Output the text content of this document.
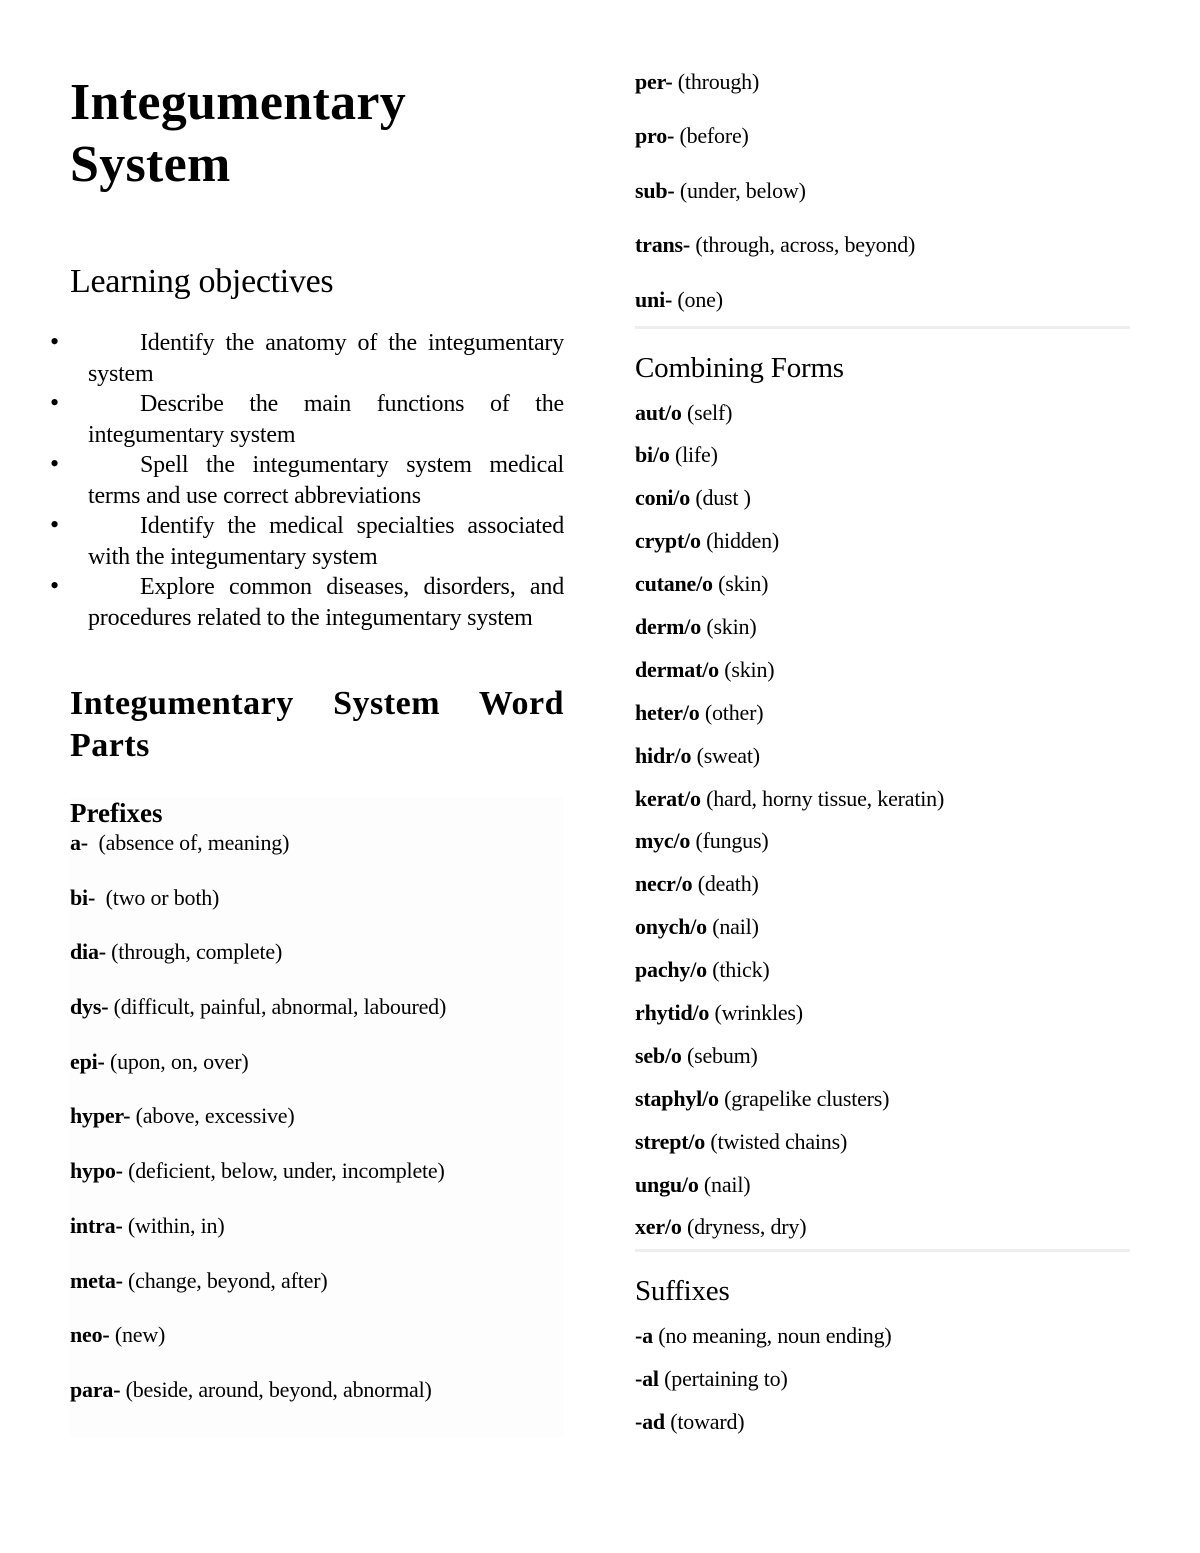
Integumentary
System
Learning objectives
• Identify the anatomy of the integumentary system
• Describe the main functions of the integumentary system
• Spell the integumentary system medical terms and use correct abbreviations
• Identify the medical specialties associated with the integumentary system
• Explore common diseases, disorders, and procedures related to the integumentary system
Integumentary System Word Parts
Prefixes
a-  (absence of, meaning)
bi-  (two or both)
dia- (through, complete)
dys- (difficult, painful, abnormal, laboured)
epi- (upon, on, over)
hyper- (above, excessive)
hypo- (deficient, below, under, incomplete)
intra- (within, in)
meta- (change, beyond, after)
neo- (new)
para- (beside, around, beyond, abnormal)
per- (through)
pro- (before)
sub- (under, below)
trans- (through, across, beyond)
uni- (one)
Combining Forms
aut/o (self)
bi/o (life)
coni/o (dust )
crypt/o (hidden)
cutane/o (skin)
derm/o (skin)
dermat/o (skin)
heter/o (other)
hidr/o (sweat)
kerat/o (hard, horny tissue, keratin)
myc/o (fungus)
necr/o (death)
onych/o (nail)
pachy/o (thick)
rhytid/o (wrinkles)
seb/o (sebum)
staphyl/o (grapelike clusters)
strept/o (twisted chains)
ungu/o (nail)
xer/o (dryness, dry)
Suffixes
-a (no meaning, noun ending)
-al (pertaining to)
-ad (toward)
